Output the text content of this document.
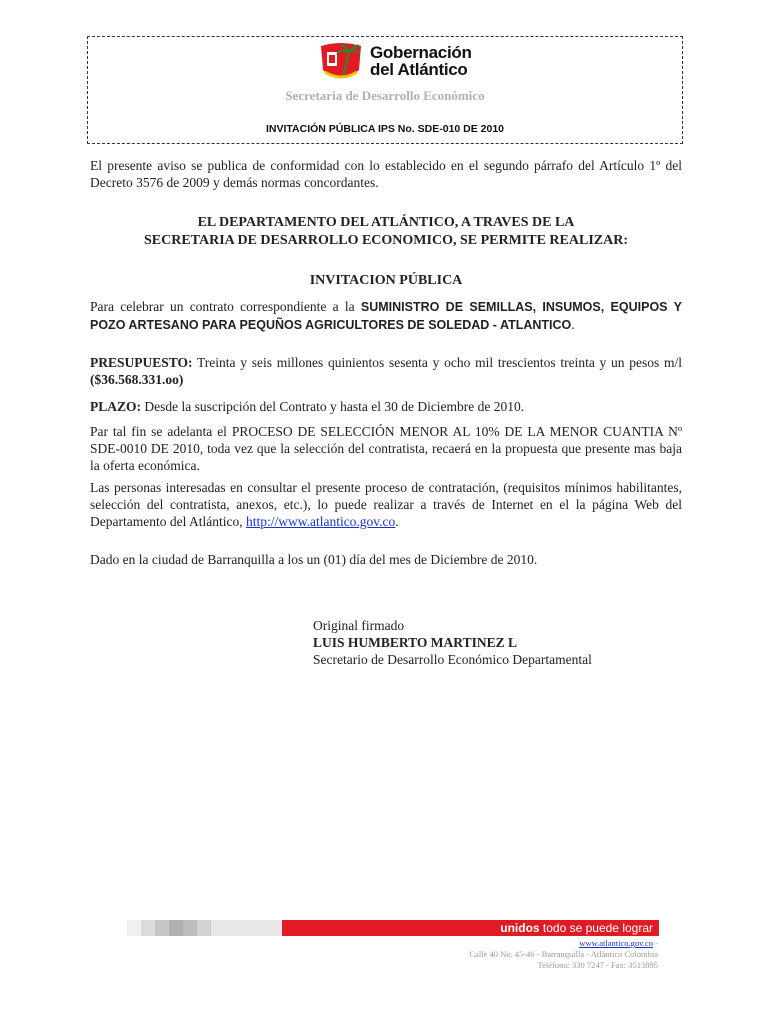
Gobernación
del Atlántico
Secretaria de Desarrollo Económico
INVITACIÓN PÚBLICA IPS No. SDE-010 DE 2010
El presente aviso se publica de conformidad con lo establecido en el segundo párrafo del Artículo 1º del Decreto 3576 de 2009 y demás normas concordantes.
EL DEPARTAMENTO DEL ATLÁNTICO, A TRAVES DE LA
SECRETARIA DE DESARROLLO ECONOMICO, SE PERMITE REALIZAR:
INVITACION PÚBLICA
Para celebrar un contrato correspondiente a la SUMINISTRO DE SEMILLAS, INSUMOS, EQUIPOS Y POZO ARTESANO PARA PEQUÑOS AGRICULTORES DE SOLEDAD - ATLANTICO.
PRESUPUESTO: Treinta y seis millones quinientos sesenta y ocho mil trescientos treinta y un pesos m/l ($36.568.331.oo)
PLAZO: Desde la suscripción del Contrato y hasta el 30 de Diciembre de 2010.
Par tal fin se adelanta el PROCESO DE SELECCIÓN MENOR AL 10% DE LA MENOR CUANTIA Nº SDE-0010 DE 2010, toda vez que la selección del contratista, recaerá en la propuesta que presente mas baja la oferta económica.
Las personas interesadas en consultar el presente proceso de contratación, (requisitos mínimos habilitantes, selección del contratista, anexos, etc.), lo puede realizar a través de Internet en el la página Web del Departamento del Atlántico, http://www.atlantico.gov.co.
Dado en la ciudad de Barranquilla a los un (01) día del mes de Diciembre de 2010.
Original firmado
LUIS HUMBERTO MARTINEZ L
Secretario de Desarrollo Económico Departamental
unidos todo se puede lograr
www.atlantico.gov.co -
Calle 40 No. 45-46 - Barranquilla - Atlántico Colombia
Teléfono: 330 7247 - Fax: 3513895
